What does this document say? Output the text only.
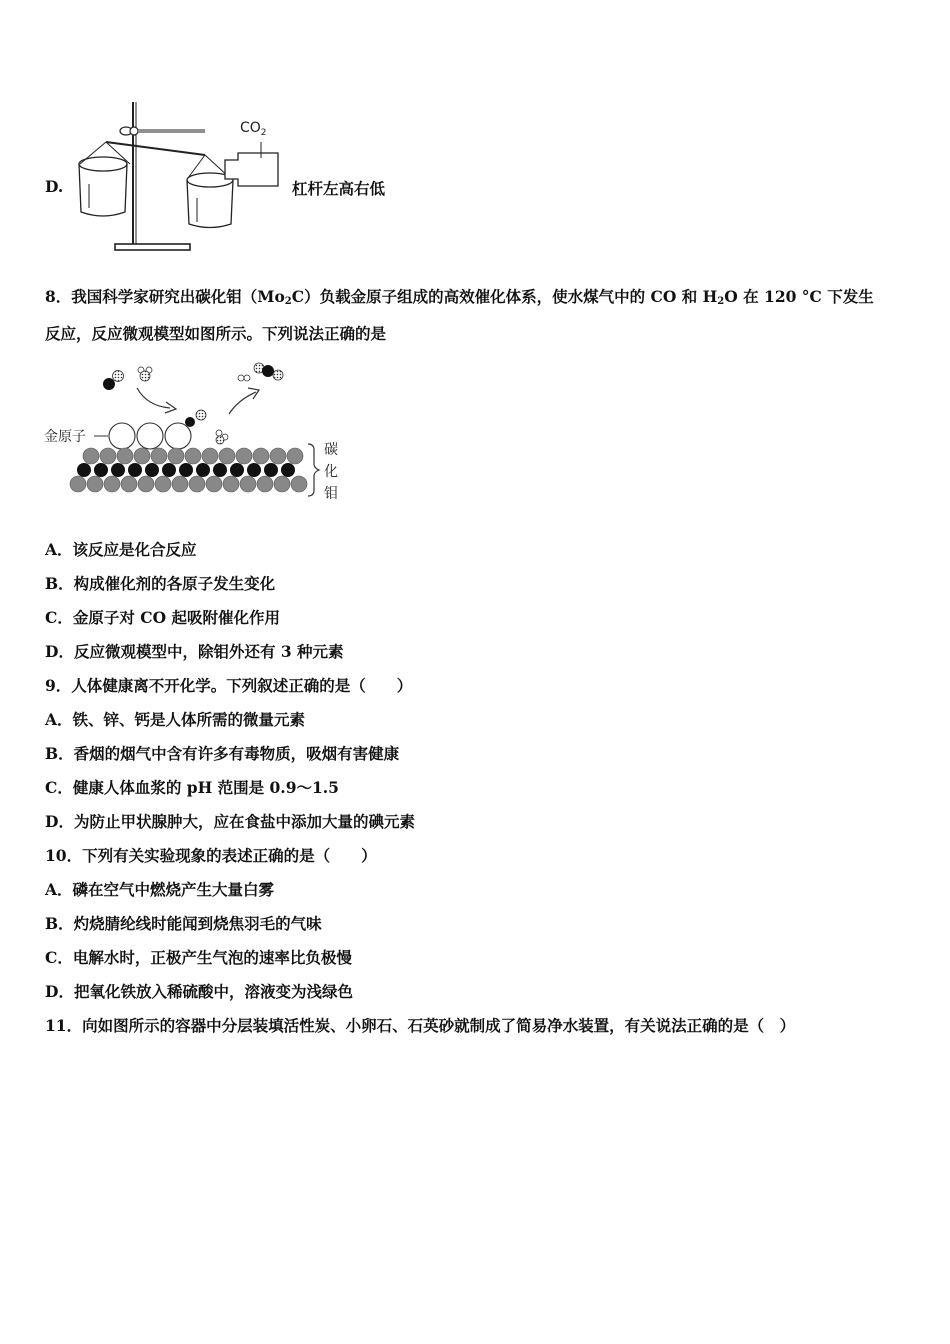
D.
$CO_2$
杠杆左高右低
8．我国科学家研究出碳化钼$(Mo_2C)$负载金原子组成的高效催化体系，使水煤气中的 CO 和 $H_2O$ 在 120 °C 下发生
反应，反应微观模型如图所示。下列说法正确的是
金原子
碳
化
钼
A．该反应是化合反应
B．构成催化剂的各原子发生变化
C．金原子对 CO 起吸附催化作用
D．反应微观模型中，除钼外还有 3 种元素
9．人体健康离不开化学。下列叙述正确的是（　　）
A．铁、锌、钙是人体所需的微量元素
B．香烟的烟气中含有许多有毒物质，吸烟有害健康
C．健康人体血浆的 pH 范围是 0.9～1.5
D．为防止甲状腺肿大，应在食盐中添加大量的碘元素
10．下列有关实验现象的表述正确的是（　　）
A．磷在空气中燃烧产生大量白雾
B．灼烧腈纶线时能闻到烧焦羽毛的气味
C．电解水时，正极产生气泡的速率比负极慢
D．把氧化铁放入稀硫酸中，溶液变为浅绿色
11．向如图所示的容器中分层装填活性炭、小卵石、石英砂就制成了简易净水装置，有关说法正确的是（　）
